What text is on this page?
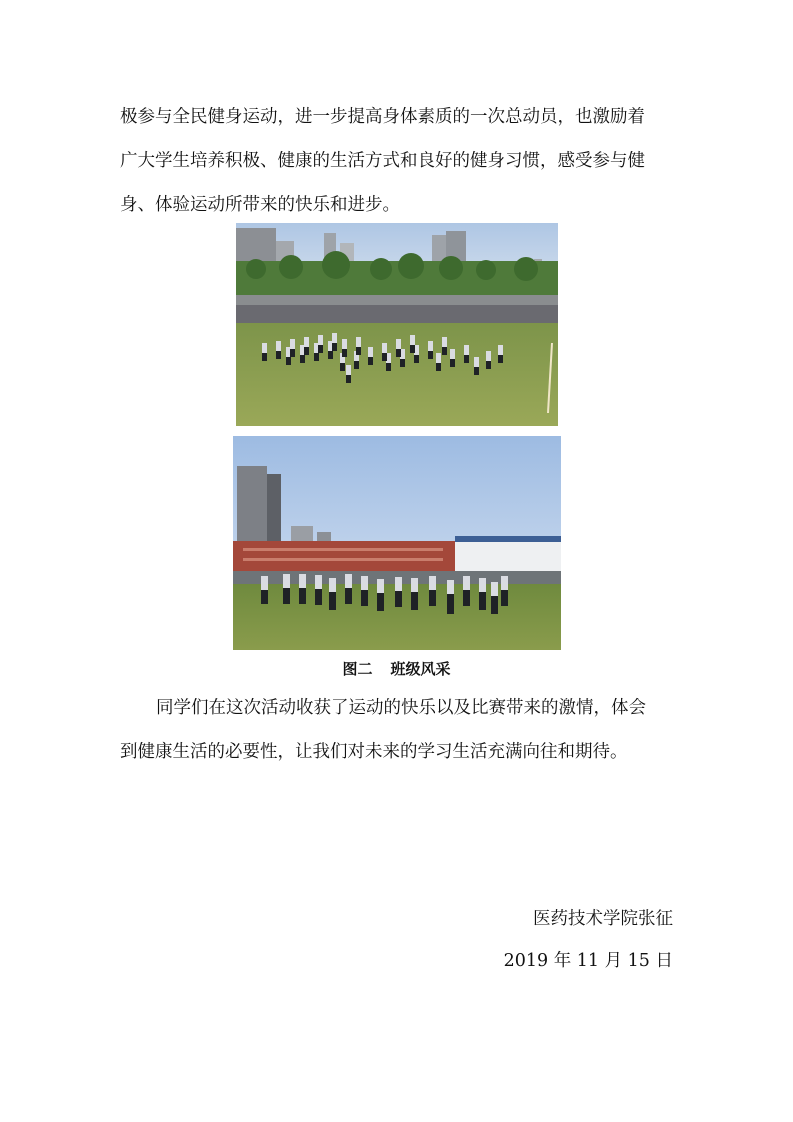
极参与全民健身运动，进一步提高身体素质的一次总动员，也激励着
广大学生培养积极、健康的生活方式和良好的健身习惯，感受参与健
身、体验运动所带来的快乐和进步。
图二 班级风采
同学们在这次活动收获了运动的快乐以及比赛带来的激情，体会
到健康生活的必要性，让我们对未来的学习生活充满向往和期待。
医药技术学院张征
2019 年 11 月 15 日
